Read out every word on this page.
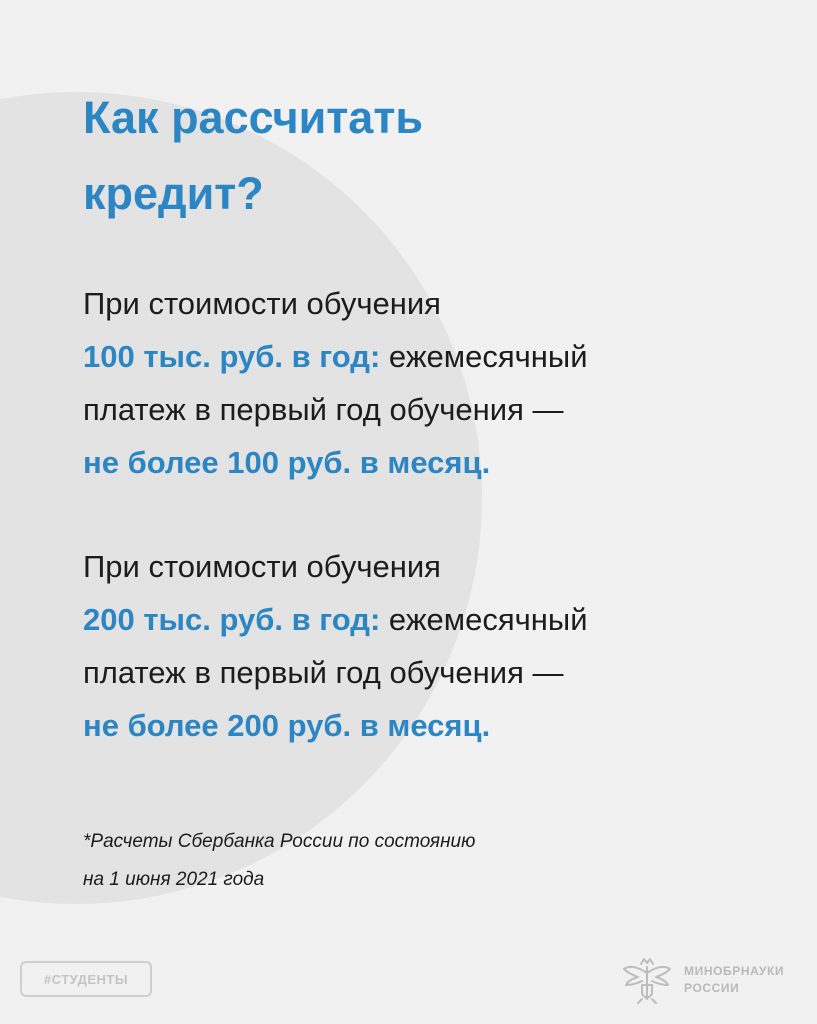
Как рассчитать
кредит?
При стоимости обучения
100 тыс. руб. в год: ежемесячный
платеж в первый год обучения —
не более 100 руб. в месяц.
При стоимости обучения
200 тыс. руб. в год: ежемесячный
платеж в первый год обучения —
не более 200 руб. в месяц.
*Расчеты Сбербанка России по состоянию
на 1 июня 2021 года
#СТУДЕНТЫ
МИНОБРНАУКИ
РОССИИ
